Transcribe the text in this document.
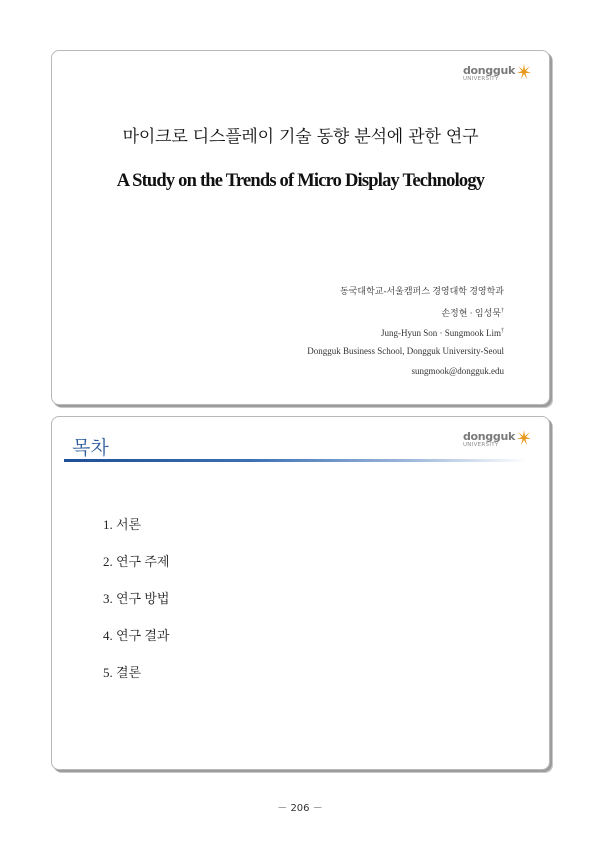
dongguk
UNIVERSITY
마이크로 디스플레이 기술 동향 분석에 관한 연구
A Study on the Trends of Micro Display Technology
동국대학교-서울캠퍼스 경영대학 경영학과
손정현 · 임성묵†
Jung-Hyun Son · Sungmook Lim†
Dongguk Business School, Dongguk University-Seoul
sungmook@dongguk.edu
목차
dongguk
UNIVERSITY
1. 서론
2. 연구 주제
3. 연구 방법
4. 연구 결과
5. 결론
－ 206 －
